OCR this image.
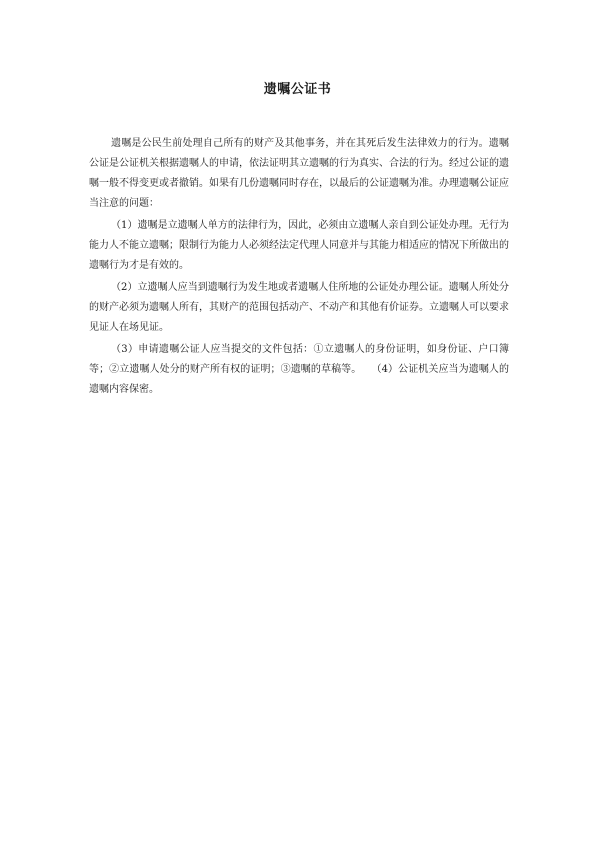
遗嘱公证书

遗嘱是公民生前处理自己所有的财产及其他事务，并在其死后发生法律效力的行为。遗嘱公证是公证机关根据遗嘱人的申请，依法证明其立遗嘱的行为真实、合法的行为。经过公证的遗嘱一般不得变更或者撤销。如果有几份遗嘱同时存在，以最后的公证遗嘱为准。办理遗嘱公证应当注意的问题：

（1）遗嘱是立遗嘱人单方的法律行为，因此，必须由立遗嘱人亲自到公证处办理。无行为能力人不能立遗嘱；限制行为能力人必须经法定代理人同意并与其能力相适应的情况下所做出的遗嘱行为才是有效的。

（2）立遗嘱人应当到遗嘱行为发生地或者遗嘱人住所地的公证处办理公证。遗嘱人所处分的财产必须为遗嘱人所有，其财产的范围包括动产、不动产和其他有价证券。立遗嘱人可以要求见证人在场见证。

（3）申请遗嘱公证人应当提交的文件包括：①立遗嘱人的身份证明，如身份证、户口簿等；②立遗嘱人处分的财产所有权的证明；③遗嘱的草稿等。　　（4）公证机关应当为遗嘱人的遗嘱内容保密。
